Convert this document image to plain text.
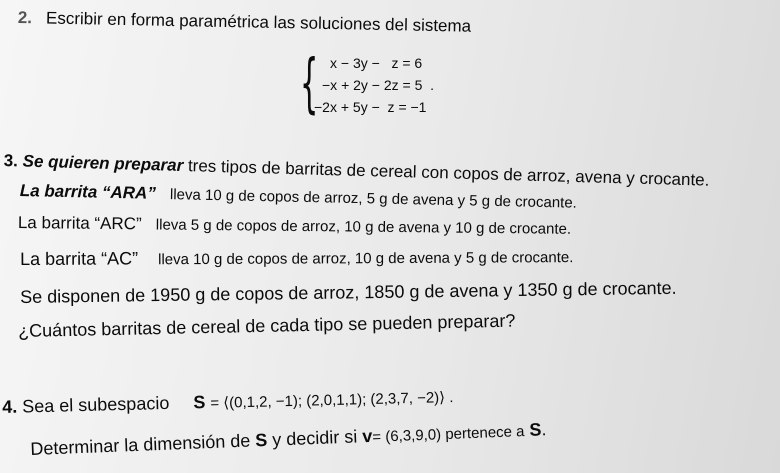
2. Escribir en forma paramétrica las soluciones del sistema
{ x − 3y −   z = 6
−x + 2y − 2z = 5  .
−2x + 5y −  z = −1
3. Se quieren preparar tres tipos de barritas de cereal con copos de arroz, avena y crocante.
La barrita “ARA” lleva 10 g de copos de arroz, 5 g de avena y 5 g de crocante.
La barrita “ARC” lleva 5 g de copos de arroz, 10 g de avena y 10 g de crocante.
La barrita “AC” lleva 10 g de copos de arroz, 10 g de avena y 5 g de crocante.
Se disponen de 1950 g de copos de arroz, 1850 g de avena y 1350 g de crocante.
¿Cuántos barritas de cereal de cada tipo se pueden preparar?
4. Sea el subespacio S = ⟨(0,1,2, −1); (2,0,1,1); (2,3,7, −2)⟩ .
Determinar la dimensión de S y decidir si v= (6,3,9,0) pertenece a S.
